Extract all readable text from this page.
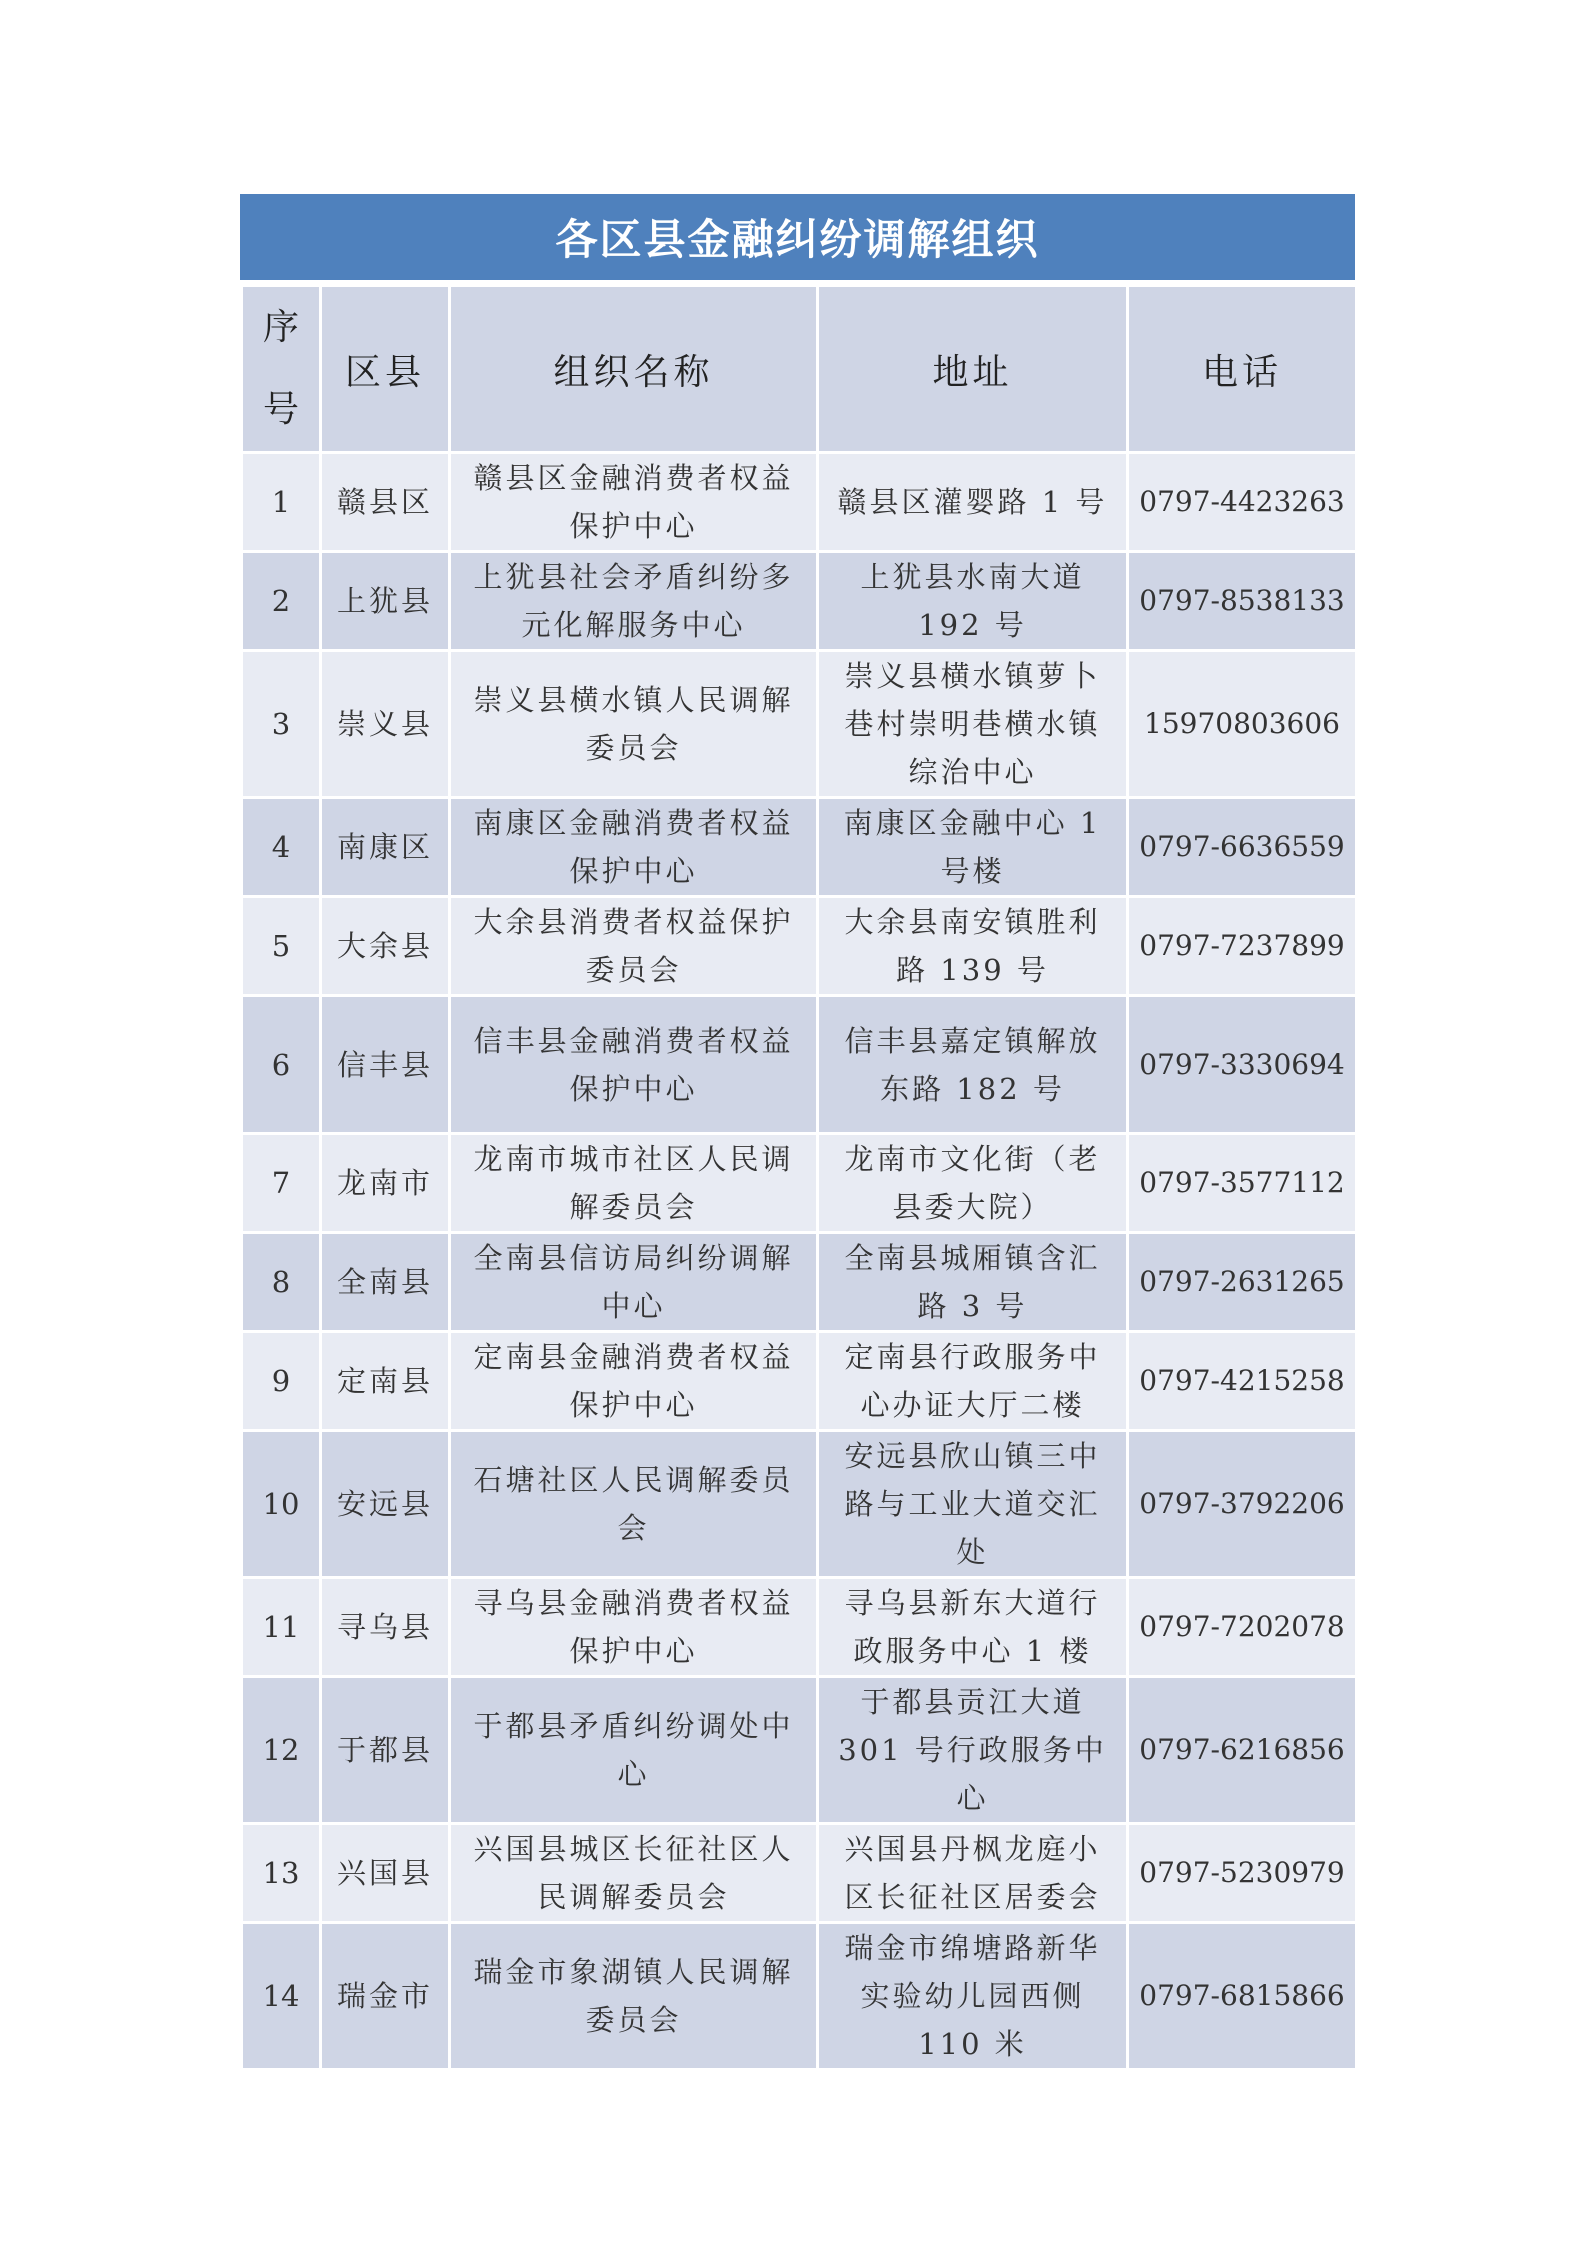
各区县金融纠纷调解组织
序号	区县	组织名称	地址	电话
1	赣县区	赣县区金融消费者权益保护中心	赣县区灌婴路 1 号	0797-4423263
2	上犹县	上犹县社会矛盾纠纷多元化解服务中心	上犹县水南大道 192 号	0797-8538133
3	崇义县	崇义县横水镇人民调解委员会	崇义县横水镇萝卜巷村崇明巷横水镇综治中心	15970803606
4	南康区	南康区金融消费者权益保护中心	南康区金融中心 1 号楼	0797-6636559
5	大余县	大余县消费者权益保护委员会	大余县南安镇胜利路 139 号	0797-7237899
6	信丰县	信丰县金融消费者权益保护中心	信丰县嘉定镇解放东路 182 号	0797-3330694
7	龙南市	龙南市城市社区人民调解委员会	龙南市文化街（老县委大院）	0797-3577112
8	全南县	全南县信访局纠纷调解中心	全南县城厢镇含汇路 3 号	0797-2631265
9	定南县	定南县金融消费者权益保护中心	定南县行政服务中心办证大厅二楼	0797-4215258
10	安远县	石塘社区人民调解委员会	安远县欣山镇三中路与工业大道交汇处	0797-3792206
11	寻乌县	寻乌县金融消费者权益保护中心	寻乌县新东大道行政服务中心 1 楼	0797-7202078
12	于都县	于都县矛盾纠纷调处中心	于都县贡江大道 301 号行政服务中心	0797-6216856
13	兴国县	兴国县城区长征社区人民调解委员会	兴国县丹枫龙庭小区长征社区居委会	0797-5230979
14	瑞金市	瑞金市象湖镇人民调解委员会	瑞金市绵塘路新华实验幼儿园西侧 110 米	0797-6815866
